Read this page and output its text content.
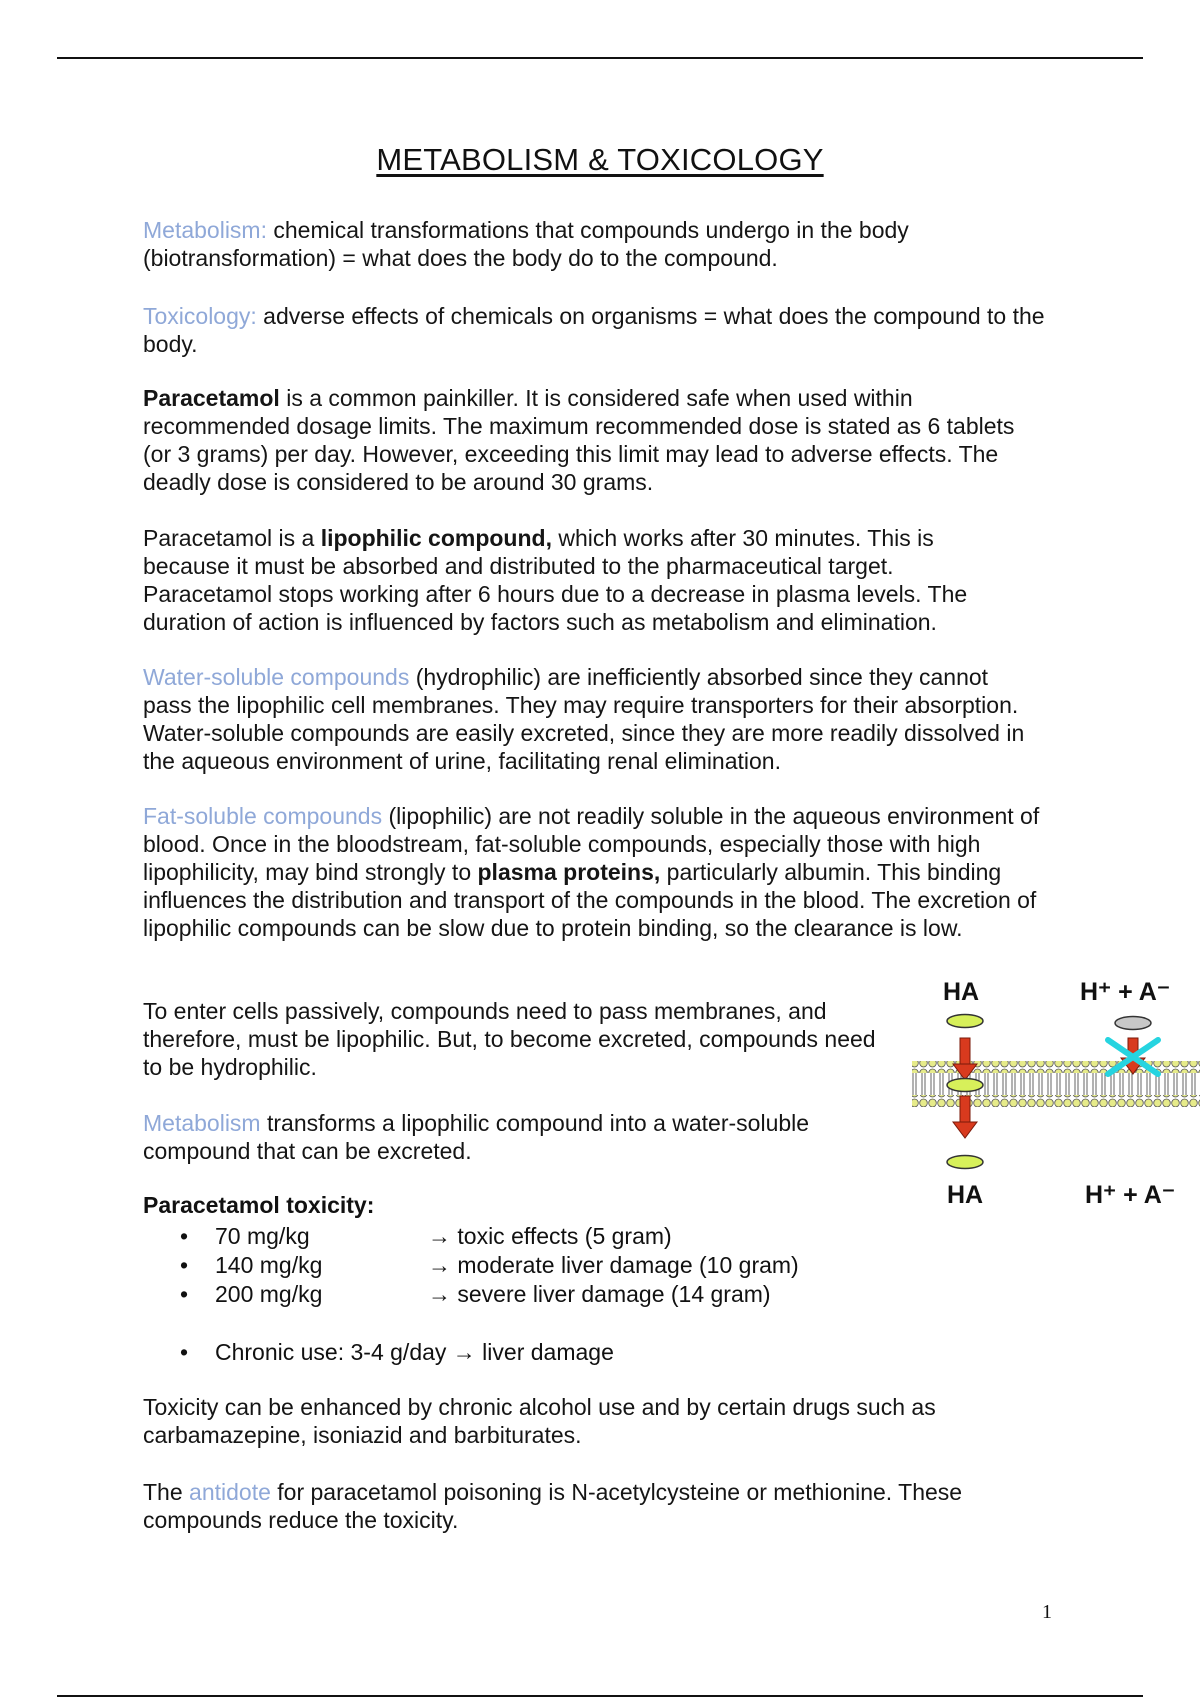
METABOLISM & TOXICOLOGY

Metabolism: chemical transformations that compounds undergo in the body (biotransformation) = what does the body do to the compound.

Toxicology: adverse effects of chemicals on organisms = what does the compound to the body.

Paracetamol is a common painkiller. It is considered safe when used within recommended dosage limits. The maximum recommended dose is stated as 6 tablets (or 3 grams) per day. However, exceeding this limit may lead to adverse effects. The deadly dose is considered to be around 30 grams.

Paracetamol is a lipophilic compound, which works after 30 minutes. This is because it must be absorbed and distributed to the pharmaceutical target. Paracetamol stops working after 6 hours due to a decrease in plasma levels. The duration of action is influenced by factors such as metabolism and elimination.

Water-soluble compounds (hydrophilic) are inefficiently absorbed since they cannot pass the lipophilic cell membranes. They may require transporters for their absorption. Water-soluble compounds are easily excreted, since they are more readily dissolved in the aqueous environment of urine, facilitating renal elimination.

Fat-soluble compounds (lipophilic) are not readily soluble in the aqueous environment of blood. Once in the bloodstream, fat-soluble compounds, especially those with high lipophilicity, may bind strongly to plasma proteins, particularly albumin. This binding influences the distribution and transport of the compounds in the blood. The excretion of lipophilic compounds can be slow due to protein binding, so the clearance is low.

To enter cells passively, compounds need to pass membranes, and therefore, must be lipophilic. But, to become excreted, compounds need to be hydrophilic.

Metabolism transforms a lipophilic compound into a water-soluble compound that can be excreted.

Paracetamol toxicity:
• 70 mg/kg	→ toxic effects (5 gram)
• 140 mg/kg	→ moderate liver damage (10 gram)
• 200 mg/kg	→ severe liver damage (14 gram)
• Chronic use: 3-4 g/day → liver damage

Toxicity can be enhanced by chronic alcohol use and by certain drugs such as carbamazepine, isoniazid and barbiturates.

The antidote for paracetamol poisoning is N-acetylcysteine or methionine. These compounds reduce the toxicity.

HA	H⁺ + A⁻
HA	H⁺ + A⁻
1
